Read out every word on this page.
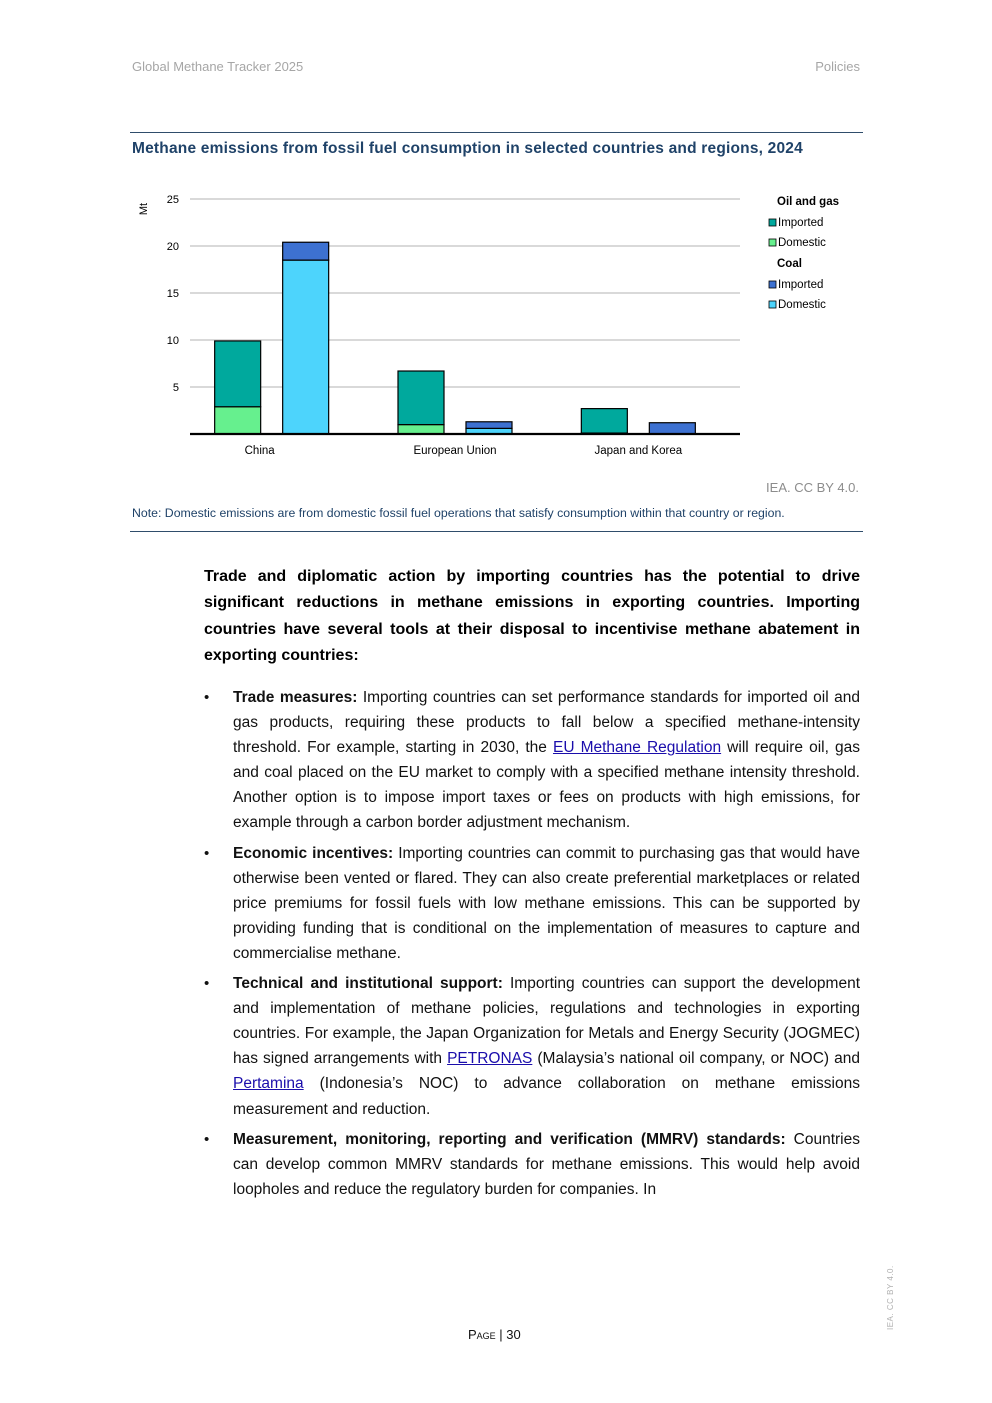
Global Methane Tracker 2025	Policies
Methane emissions from fossil fuel consumption in selected countries and regions, 2024
5
10
15
20
25
Mt
China	European Union	Japan and Korea
Oil and gas
Imported
Domestic
Coal
Imported
Domestic
IEA. CC BY 4.0.
Note: Domestic emissions are from domestic fossil fuel operations that satisfy consumption within that country or region.
Trade and diplomatic action by importing countries has the potential to drive significant reductions in methane emissions in exporting countries. Importing countries have several tools at their disposal to incentivise methane abatement in exporting countries:
• Trade measures: Importing countries can set performance standards for imported oil and gas products, requiring these products to fall below a specified methane-intensity threshold. For example, starting in 2030, the EU Methane Regulation will require oil, gas and coal placed on the EU market to comply with a specified methane intensity threshold. Another option is to impose import taxes or fees on products with high emissions, for example through a carbon border adjustment mechanism.
• Economic incentives: Importing countries can commit to purchasing gas that would have otherwise been vented or flared. They can also create preferential marketplaces or related price premiums for fossil fuels with low methane emissions. This can be supported by providing funding that is conditional on the implementation of measures to capture and commercialise methane.
• Technical and institutional support: Importing countries can support the development and implementation of methane policies, regulations and technologies in exporting countries. For example, the Japan Organization for Metals and Energy Security (JOGMEC) has signed arrangements with PETRONAS (Malaysia’s national oil company, or NOC) and Pertamina (Indonesia’s NOC) to advance collaboration on methane emissions measurement and reduction.
• Measurement, monitoring, reporting and verification (MMRV) standards: Countries can develop common MMRV standards for methane emissions. This would help avoid loopholes and reduce the regulatory burden for companies. In
Page | 30
IEA. CC BY 4.0.
